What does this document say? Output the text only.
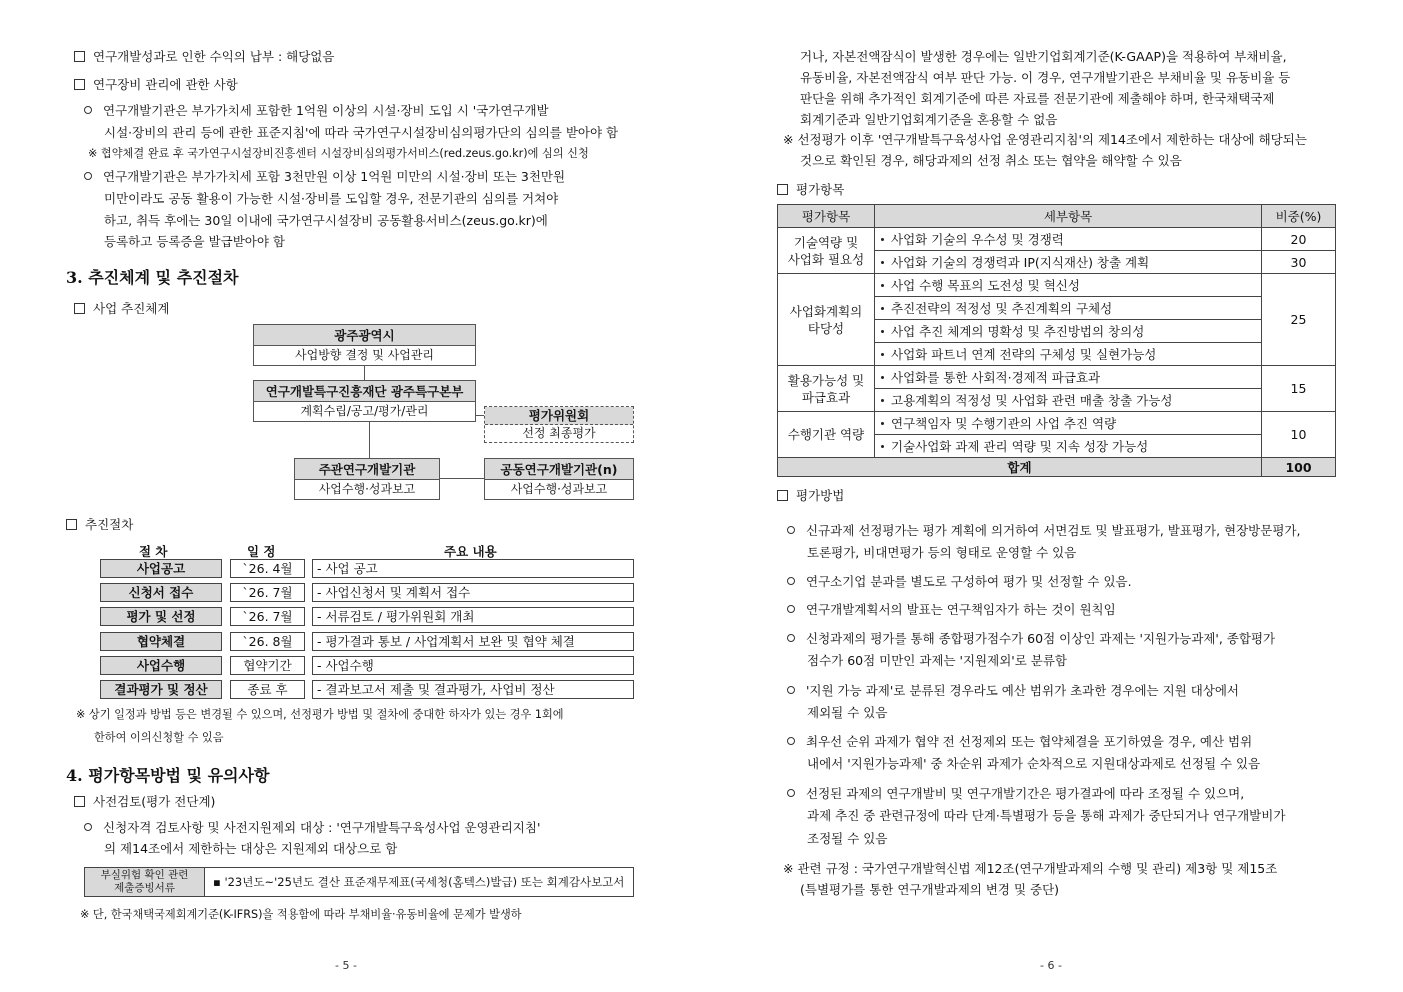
연구개발성과로 인한 수익의 납부 : 해당없음
연구장비 관리에 관한 사항
연구개발기관은 부가가치세 포함한 1억원 이상의 시설·장비 도입 시 '국가연구개발
시설·장비의 관리 등에 관한 표준지침'에 따라 국가연구시설장비심의평가단의 심의를 받아야 함
※ 협약체결 완료 후 국가연구시설장비진흥센터 시설장비심의평가서비스(red.zeus.go.kr)에 심의 신청
연구개발기관은 부가가치세 포함 3천만원 이상 1억원 미만의 시설·장비 또는 3천만원
미만이라도 공동 활용이 가능한 시설·장비를 도입할 경우, 전문기관의 심의를 거쳐야
하고, 취득 후에는 30일 이내에 국가연구시설장비 공동활용서비스(zeus.go.kr)에
등록하고 등록증을 발급받아야 함
3. 추진체계 및 추진절차
사업 추진체계
광주광역시
사업방향 결정 및 사업관리
연구개발특구진흥재단 광주특구본부
계획수립/공고/평가/관리	평가위원회
선정 최종평가
주관연구개발기관
사업수행·성과보고
공동연구개발기관(n)
사업수행·성과보고
추진절차
절 차	일 정	주요 내용
사업공고	`26. 4월	- 사업 공고
신청서 접수	`26. 7월	- 사업신청서 및 계획서 접수
평가 및 선정	`26. 7월	- 서류검토 / 평가위원회 개최
협약체결	`26. 8월	- 평가결과 통보 / 사업계획서 보완 및 협약 체결
사업수행	협약기간	- 사업수행
결과평가 및 정산	종료 후	- 결과보고서 제출 및 결과평가, 사업비 정산
※ 상기 일정과 방법 등은 변경될 수 있으며, 선정평가 방법 및 절차에 중대한 하자가 있는 경우 1회에
한하여 이의신청할 수 있음
4. 평가항목방법 및 유의사항
사전검토(평가 전단계)
신청자격 검토사항 및 사전지원제외 대상 : '연구개발특구육성사업 운영관리지침'
의 제14조에서 제한하는 대상은 지원제외 대상으로 함
부실위험 확인 관련
제출증빙서류	▪ '23년도~'25년도 결산 표준재무제표(국세청(홈텍스)발급) 또는 회계감사보고서
※ 단, 한국채택국제회계기준(K-IFRS)을 적용함에 따라 부채비율·유동비율에 문제가 발생하
- 5 -
거나, 자본전액잠식이 발생한 경우에는 일반기업회계기준(K-GAAP)을 적용하여 부채비율,
유동비율, 자본전액잠식 여부 판단 가능. 이 경우, 연구개발기관은 부채비율 및 유동비율 등
판단을 위해 추가적인 회계기준에 따른 자료를 전문기관에 제출해야 하며, 한국채택국제
회계기준과 일반기업회계기준을 혼용할 수 없음
※ 선정평가 이후 '연구개발특구육성사업 운영관리지침'의 제14조에서 제한하는 대상에 해당되는
것으로 확인된 경우, 해당과제의 선정 취소 또는 협약을 해약할 수 있음
평가항목
평가항목	세부항목	비중(%)

기술역량 및
사업화 필요성	사업화 기술의 우수성 및 경쟁력	20
	사업화 기술의 경쟁력과 IP(지식재산) 창출 계획	30

사업화계획의
타당성	사업 수행 목표의 도전성 및 혁신성	25
	추진전략의 적정성 및 추진계획의 구체성	
	사업 추진 체계의 명확성 및 추진방법의 창의성	
	사업화 파트너 연계 전략의 구체성 및 실현가능성	

활용가능성 및
파급효과	사업화를 통한 사회적·경제적 파급효과	15
	고용계획의 적정성 및 사업화 관련 매출 창출 가능성	

수행기관 역량	연구책임자 및 수행기관의 사업 추진 역량	10
	기술사업화 과제 관리 역량 및 지속 성장 가능성	
합계		100
평가방법
신규과제 선정평가는 평가 계획에 의거하여 서면검토 및 발표평가, 발표평가, 현장방문평가,
토론평가, 비대면평가 등의 형태로 운영할 수 있음
연구소기업 분과를 별도로 구성하여 평가 및 선정할 수 있음.
연구개발계획서의 발표는 연구책임자가 하는 것이 원칙임
신청과제의 평가를 통해 종합평가점수가 60점 이상인 과제는 '지원가능과제', 종합평가
점수가 60점 미만인 과제는 '지원제외'로 분류함
'지원 가능 과제'로 분류된 경우라도 예산 범위가 초과한 경우에는 지원 대상에서
제외될 수 있음
최우선 순위 과제가 협약 전 선정제외 또는 협약체결을 포기하였을 경우, 예산 범위
내에서 '지원가능과제' 중 차순위 과제가 순차적으로 지원대상과제로 선정될 수 있음
선정된 과제의 연구개발비 및 연구개발기간은 평가결과에 따라 조정될 수 있으며,
과제 추진 중 관련규정에 따라 단계·특별평가 등을 통해 과제가 중단되거나 연구개발비가
조정될 수 있음
※ 관련 규정 : 국가연구개발혁신법 제12조(연구개발과제의 수행 및 관리) 제3항 및 제15조
(특별평가를 통한 연구개발과제의 변경 및 중단)
- 6 -
